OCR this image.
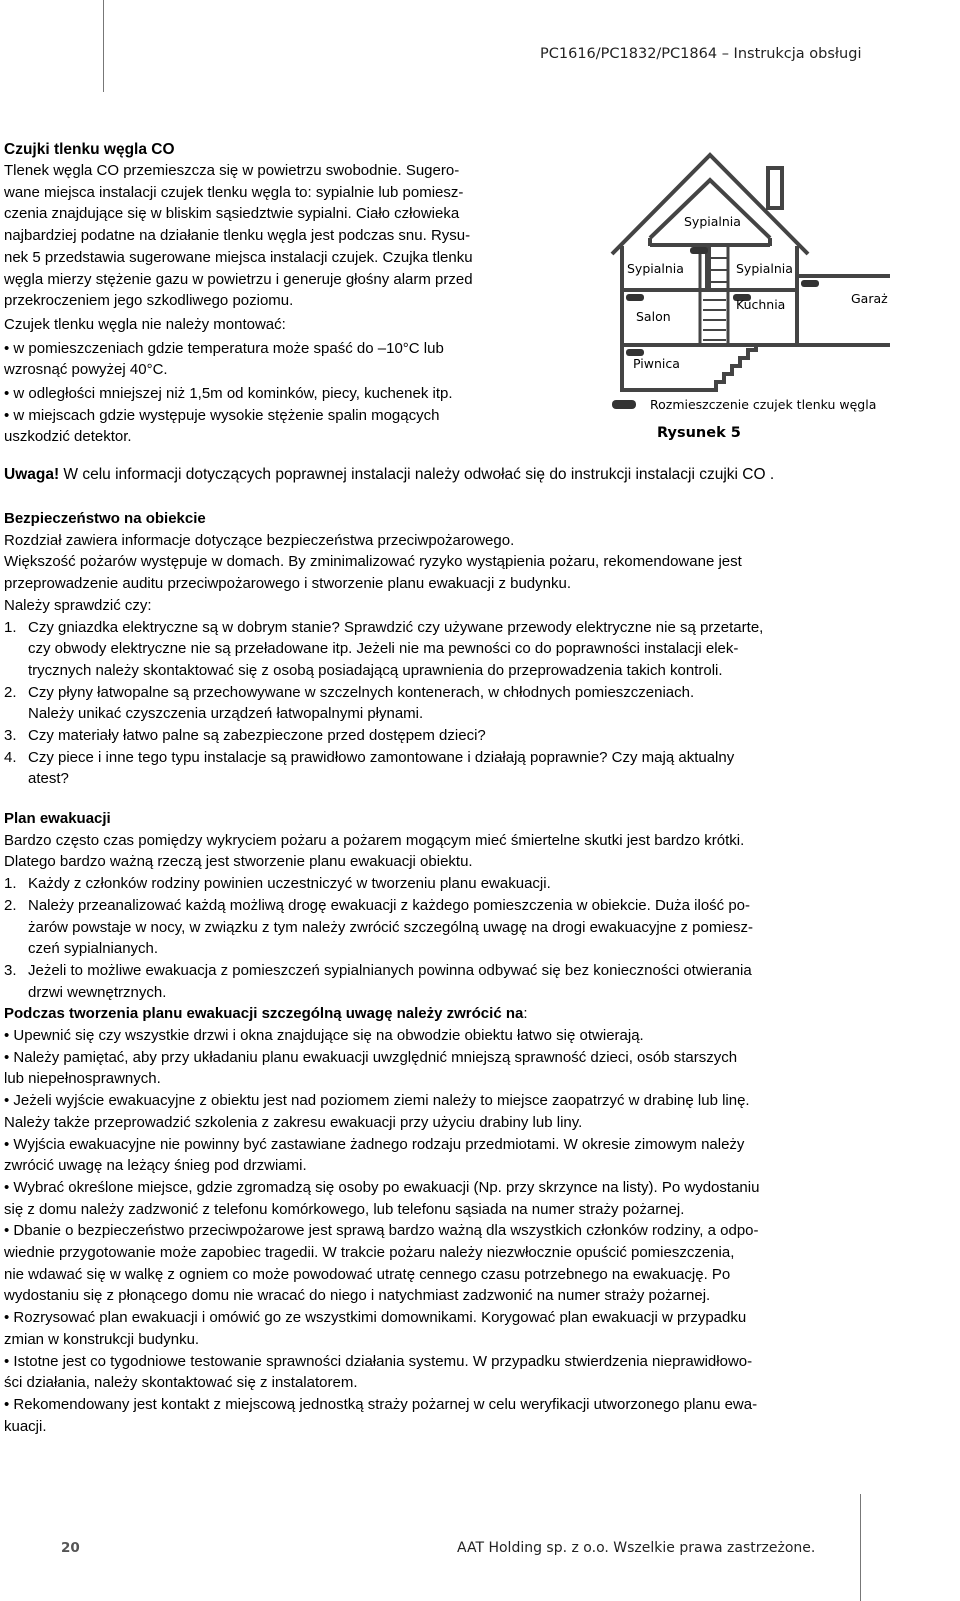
PC1616/PC1832/PC1864 – Instrukcja obsługi

Czujki tlenku węgla CO

Tlenek węgla CO przemieszcza się w powietrzu swobodnie. Sugero-

wane miejsca instalacji czujek tlenku węgla to: sypialnie lub pomiesz-

czenia znajdujące się w bliskim sąsiedztwie sypialni. Ciało człowieka

najbardziej podatne na działanie tlenku węgla jest podczas snu. Rysu-

nek 5 przedstawia sugerowane miejsca instalacji czujek. Czujka tlenku

węgla mierzy stężenie gazu w powietrzu i generuje głośny alarm przed

przekroczeniem jego szkodliwego poziomu.

Czujek tlenku węgla nie należy montować:

• w pomieszczeniach gdzie temperatura może spaść do –10°C lub

wzrosnąć powyżej 40°C.

• w odległości mniejszej niż 1,5m od kominków, piecy, kuchenek itp.

• w miejscach gdzie występuje wysokie stężenie spalin mogących

uszkodzić detektor.

Sypialnia
Sypialnia	Sypialnia
Salon
Kuchnia	Garaż
Piwnica
Rozmieszczenie czujek tlenku węgla
Rysunek 5

Uwaga! W celu informacji dotyczących poprawnej instalacji należy odwołać się do instrukcji instalacji czujki CO .

Bezpieczeństwo na obiekcie

Rozdział zawiera informacje dotyczące bezpieczeństwa przeciwpożarowego.

Większość pożarów występuje w domach. By zminimalizować ryzyko wystąpienia pożaru, rekomendowane jest

przeprowadzenie auditu przeciwpożarowego i stworzenie planu ewakuacji z budynku.

Należy sprawdzić czy:

1. Czy gniazdka elektryczne są w dobrym stanie? Sprawdzić czy używane przewody elektryczne nie są przetarte,

czy obwody elektryczne nie są przeładowane itp. Jeżeli nie ma pewności co do poprawności instalacji elek-

trycznych należy skontaktować się z osobą posiadającą uprawnienia do przeprowadzenia takich kontroli.

2. Czy płyny łatwopalne są przechowywane w szczelnych kontenerach, w chłodnych pomieszczeniach.

Należy unikać czyszczenia urządzeń łatwopalnymi płynami.

3. Czy materiały łatwo palne są zabezpieczone przed dostępem dzieci?

4. Czy piece i inne tego typu instalacje są prawidłowo zamontowane i działają poprawnie? Czy mają aktualny

atest?

Plan ewakuacji

Bardzo często czas pomiędzy wykryciem pożaru a pożarem mogącym mieć śmiertelne skutki jest bardzo krótki.

Dlatego bardzo ważną rzeczą jest stworzenie planu ewakuacji obiektu.

1. Każdy z członków rodziny powinien uczestniczyć w tworzeniu planu ewakuacji.

2. Należy przeanalizować każdą możliwą drogę ewakuacji z każdego pomieszczenia w obiekcie. Duża ilość po-

żarów powstaje w nocy, w związku z tym należy zwrócić szczególną uwagę na drogi ewakuacyjne z pomiesz-

czeń sypialnianych.

3. Jeżeli to możliwe ewakuacja z pomieszczeń sypialnianych powinna odbywać się bez konieczności otwierania

drzwi wewnętrznych.

Podczas tworzenia planu ewakuacji szczególną uwagę należy zwrócić na:

• Upewnić się czy wszystkie drzwi i okna znajdujące się na obwodzie obiektu łatwo się otwierają.

• Należy pamiętać, aby przy układaniu planu ewakuacji uwzględnić mniejszą sprawność dzieci, osób starszych

lub niepełnosprawnych.

• Jeżeli wyjście ewakuacyjne z obiektu jest nad poziomem ziemi należy to miejsce zaopatrzyć w drabinę lub linę.

Należy także przeprowadzić szkolenia z zakresu ewakuacji przy użyciu drabiny lub liny.

• Wyjścia ewakuacyjne nie powinny być zastawiane żadnego rodzaju przedmiotami. W okresie zimowym należy

zwrócić uwagę na leżący śnieg pod drzwiami.

• Wybrać określone miejsce, gdzie zgromadzą się osoby po ewakuacji (Np. przy skrzynce na listy). Po wydostaniu

się z domu należy zadzwonić z telefonu komórkowego, lub telefonu sąsiada na numer straży pożarnej.

• Dbanie o bezpieczeństwo przeciwpożarowe jest sprawą bardzo ważną dla wszystkich członków rodziny, a odpo-

wiednie przygotowanie może zapobiec tragedii. W trakcie pożaru należy niezwłocznie opuścić pomieszczenia,

nie wdawać się w walkę z ogniem co może powodować utratę cennego czasu potrzebnego na ewakuację. Po

wydostaniu się z płonącego domu nie wracać do niego i natychmiast zadzwonić na numer straży pożarnej.

• Rozrysować plan ewakuacji i omówić go ze wszystkimi domownikami. Korygować plan ewakuacji w przypadku

zmian w konstrukcji budynku.

• Istotne jest co tygodniowe testowanie sprawności działania systemu. W przypadku stwierdzenia nieprawidłowo-

ści działania, należy skontaktować się z instalatorem.

• Rekomendowany jest kontakt z miejscową jednostką straży pożarnej w celu weryfikacji utworzonego planu ewa-

kuacji.

20	AAT Holding sp. z o.o. Wszelkie prawa zastrzeżone.
